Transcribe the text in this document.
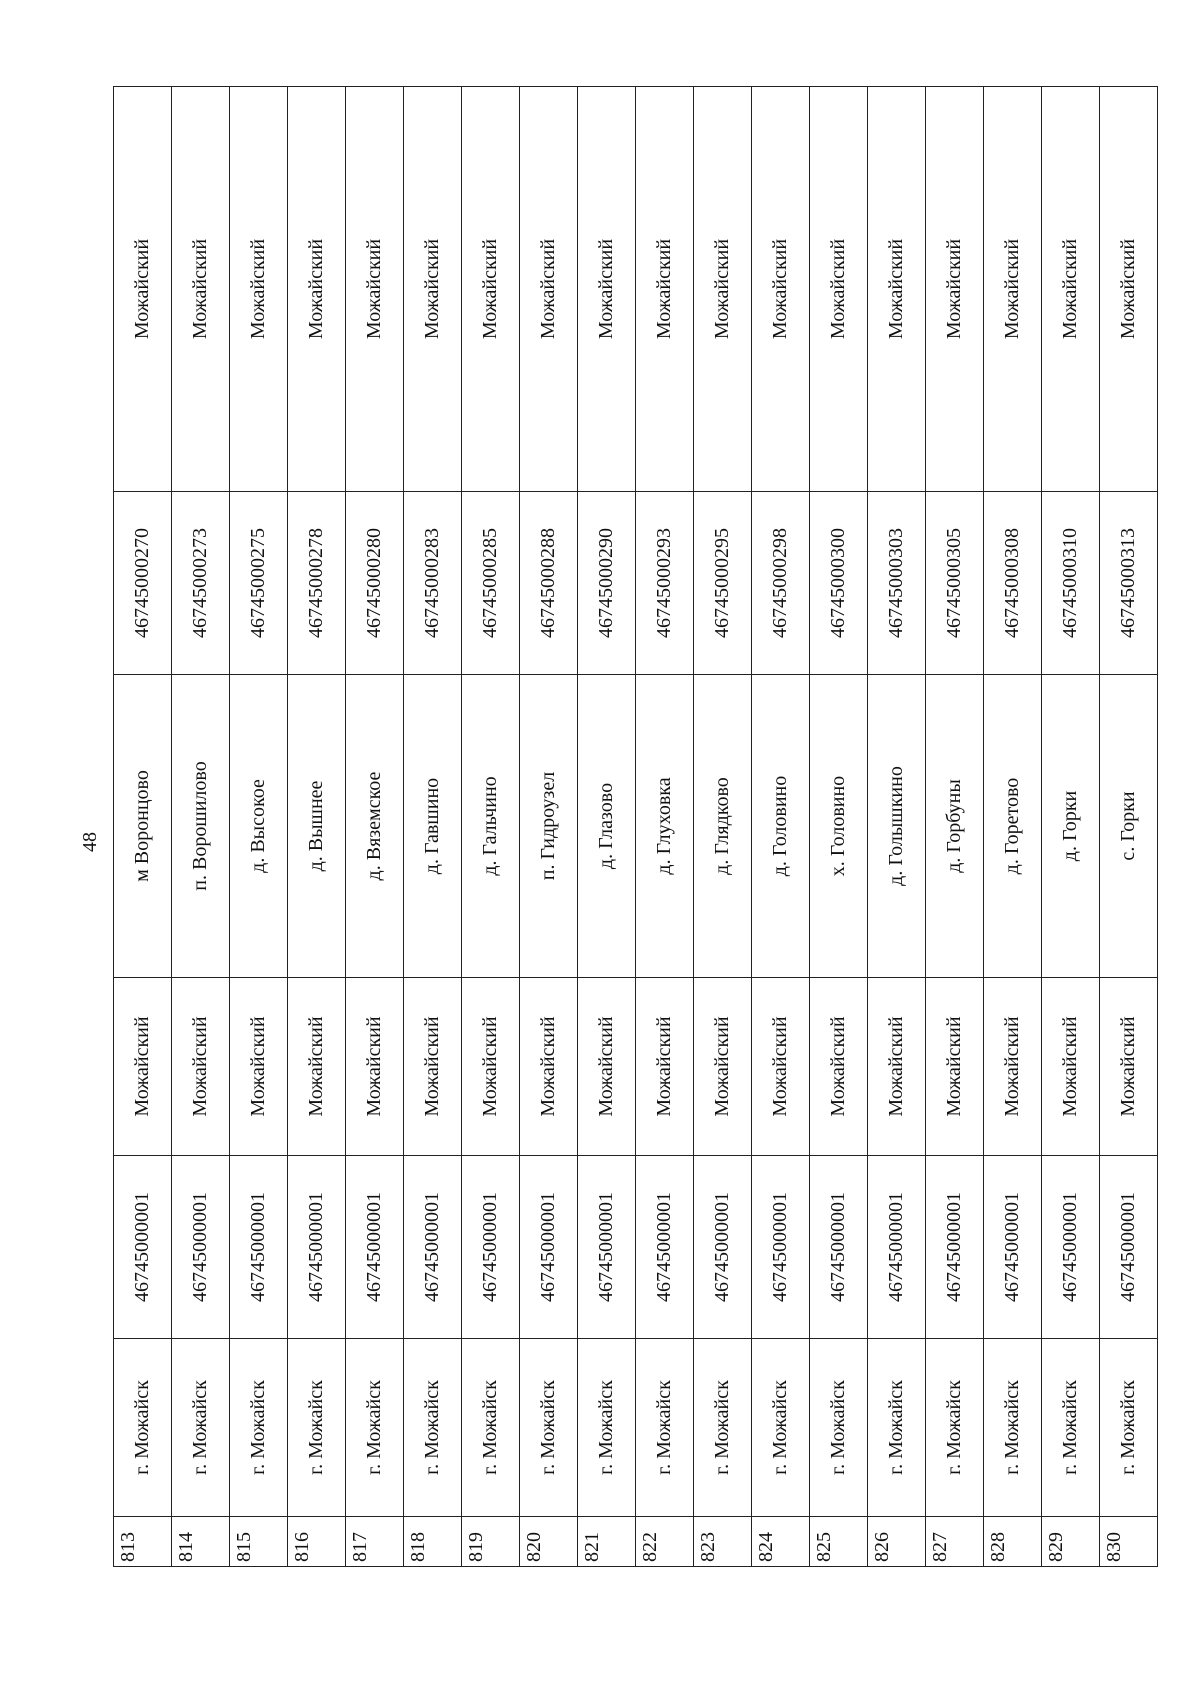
48
813	г. Можайск	46745000001	Можайский	м Воронцово	46745000270	Можайский
814	г. Можайск	46745000001	Можайский	п. Ворошилово	46745000273	Можайский
815	г. Можайск	46745000001	Можайский	д. Высокое	46745000275	Можайский
816	г. Можайск	46745000001	Можайский	д. Вышнее	46745000278	Можайский
817	г. Можайск	46745000001	Можайский	д. Вяземское	46745000280	Можайский
818	г. Можайск	46745000001	Можайский	д. Гавшино	46745000283	Можайский
819	г. Можайск	46745000001	Можайский	д. Гальчино	46745000285	Можайский
820	г. Можайск	46745000001	Можайский	п. Гидроузел	46745000288	Можайский
821	г. Можайск	46745000001	Можайский	д. Глазово	46745000290	Можайский
822	г. Можайск	46745000001	Можайский	д. Глуховка	46745000293	Можайский
823	г. Можайск	46745000001	Можайский	д. Глядково	46745000295	Можайский
824	г. Можайск	46745000001	Можайский	д. Головино	46745000298	Можайский
825	г. Можайск	46745000001	Можайский	х. Головино	46745000300	Можайский
826	г. Можайск	46745000001	Можайский	д. Голышкино	46745000303	Можайский
827	г. Можайск	46745000001	Можайский	д. Горбуны	46745000305	Можайский
828	г. Можайск	46745000001	Можайский	д. Горетово	46745000308	Можайский
829	г. Можайск	46745000001	Можайский	д. Горки	46745000310	Можайский
830	г. Можайск	46745000001	Можайский	с. Горки	46745000313	Можайский
